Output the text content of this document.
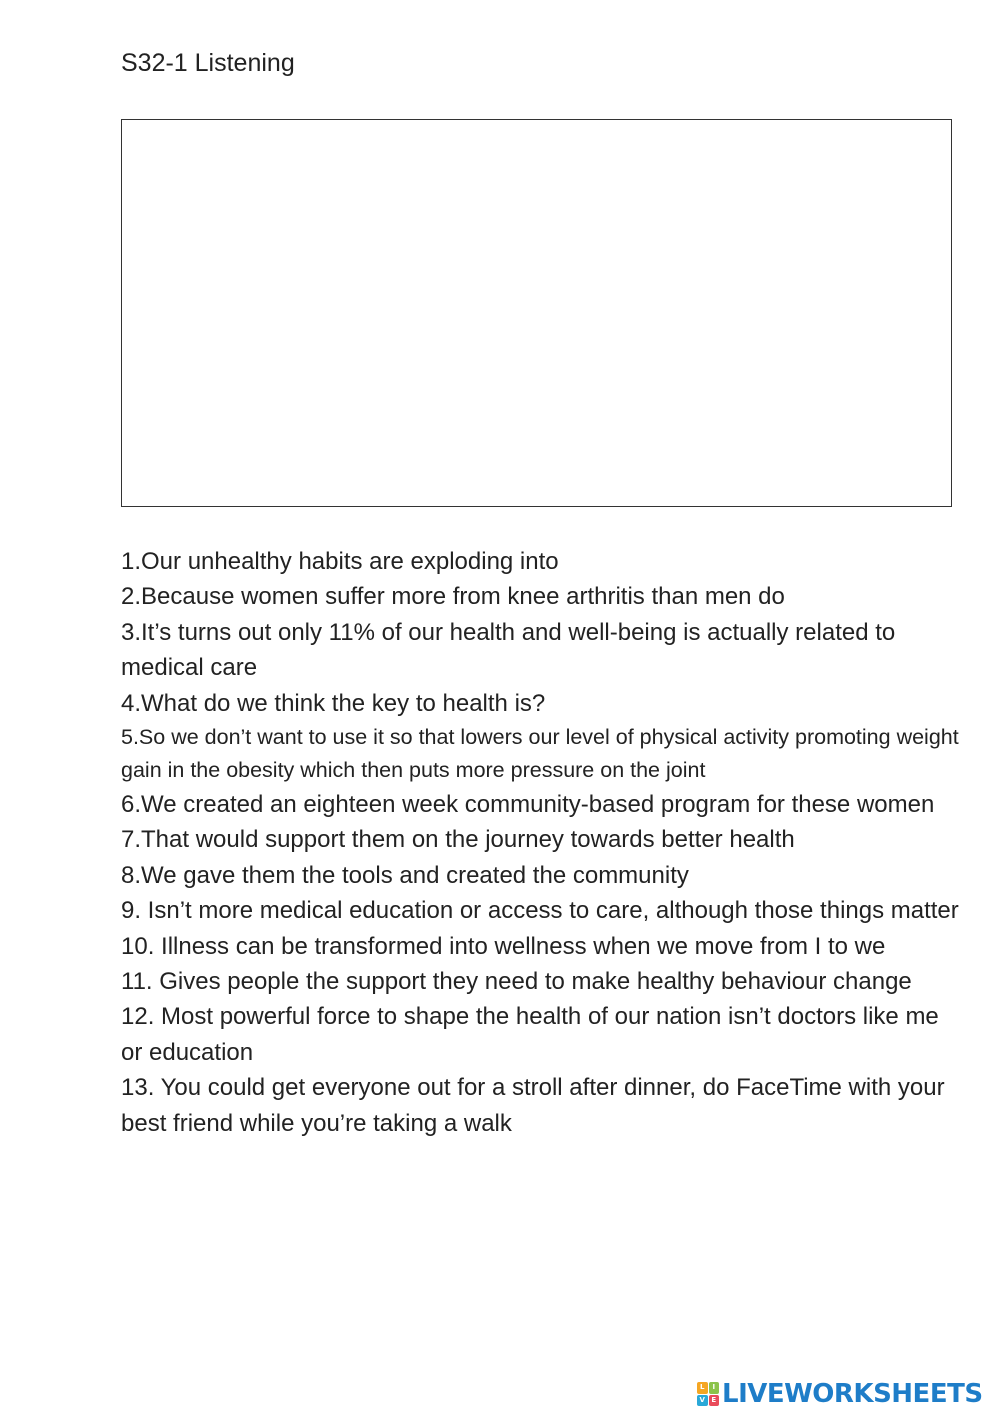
S32-1 Listening
1.Our unhealthy habits are exploding into
2.Because women suffer more from knee arthritis than men do
3.It’s turns out only 11% of our health and well-being is actually related to medical care
4.What do we think the key to health is?
5.So we don’t want to use it so that lowers our level of physical activity promoting weight gain in the obesity which then puts more pressure on the joint
6.We created an eighteen week community-based program for these women
7.That would support them on the journey towards better health
8.We gave them the tools and created the community
9. Isn’t more medical education or access to care, although those things matter
10. Illness can be transformed into wellness when we move from I to we
11. Gives people the support they need to make healthy behaviour change
12. Most powerful force to shape the health of our nation isn’t doctors like me or education
13. You could get everyone out for a stroll after dinner, do FaceTime with your best friend while you’re taking a walk
L	I
V E LIVEWORKSHEETS
